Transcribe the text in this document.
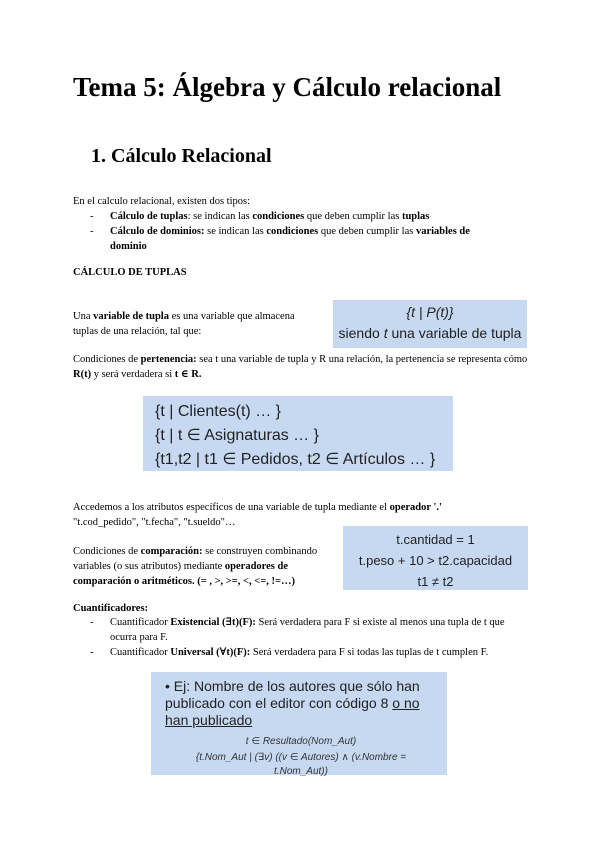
Tema 5: Álgebra y Cálculo relacional
1. Cálculo Relacional
En el calculo relacional, existen dos tipos:
- Cálculo de tuplas: se indican las condiciones que deben cumplir las tuplas
- Cálculo de dominios: se indican las condiciones que deben cumplir las variables de dominio
CÁLCULO DE TUPLAS
Una variable de tupla es una variable que almacena tuplas de una relación, tal que:
{t | P(t)}
siendo t una variable de tupla
Condiciones de pertenencia: sea t una variable de tupla y R una relación, la pertenencia se representa cómo R(t) y será verdadera si t ∈ R.
{t | Clientes(t) … }
{t | t ∈ Asignaturas … }
{t1,t2 | t1 ∈ Pedidos, t2 ∈ Artículos … }
Accedemos a los atributos específicos de una variable de tupla mediante el operador '.'
"t.cod_pedido", "t.fecha", "t.sueldo"…
Condiciones de comparación: se construyen combinando variables (o sus atributos) mediante operadores de comparación o aritméticos. (= , >, >=, <, <=, !=…)
t.cantidad = 1
t.peso + 10 > t2.capacidad
t1 ≠ t2
Cuantificadores:
- Cuantificador Existencial (∃t)(F): Será verdadera para F si existe al menos una tupla de t que ocurra para F.
- Cuantificador Universal (∀t)(F): Será verdadera para F si todas las tuplas de t cumplen F.
• Ej: Nombre de los autores que sólo han publicado con el editor con código 8 o no han publicado
t ∈ Resultado(Nom_Aut)
{t.Nom_Aut | (∃v) ((v ∈ Autores) ∧ (v.Nombre = t.Nom_Aut))
